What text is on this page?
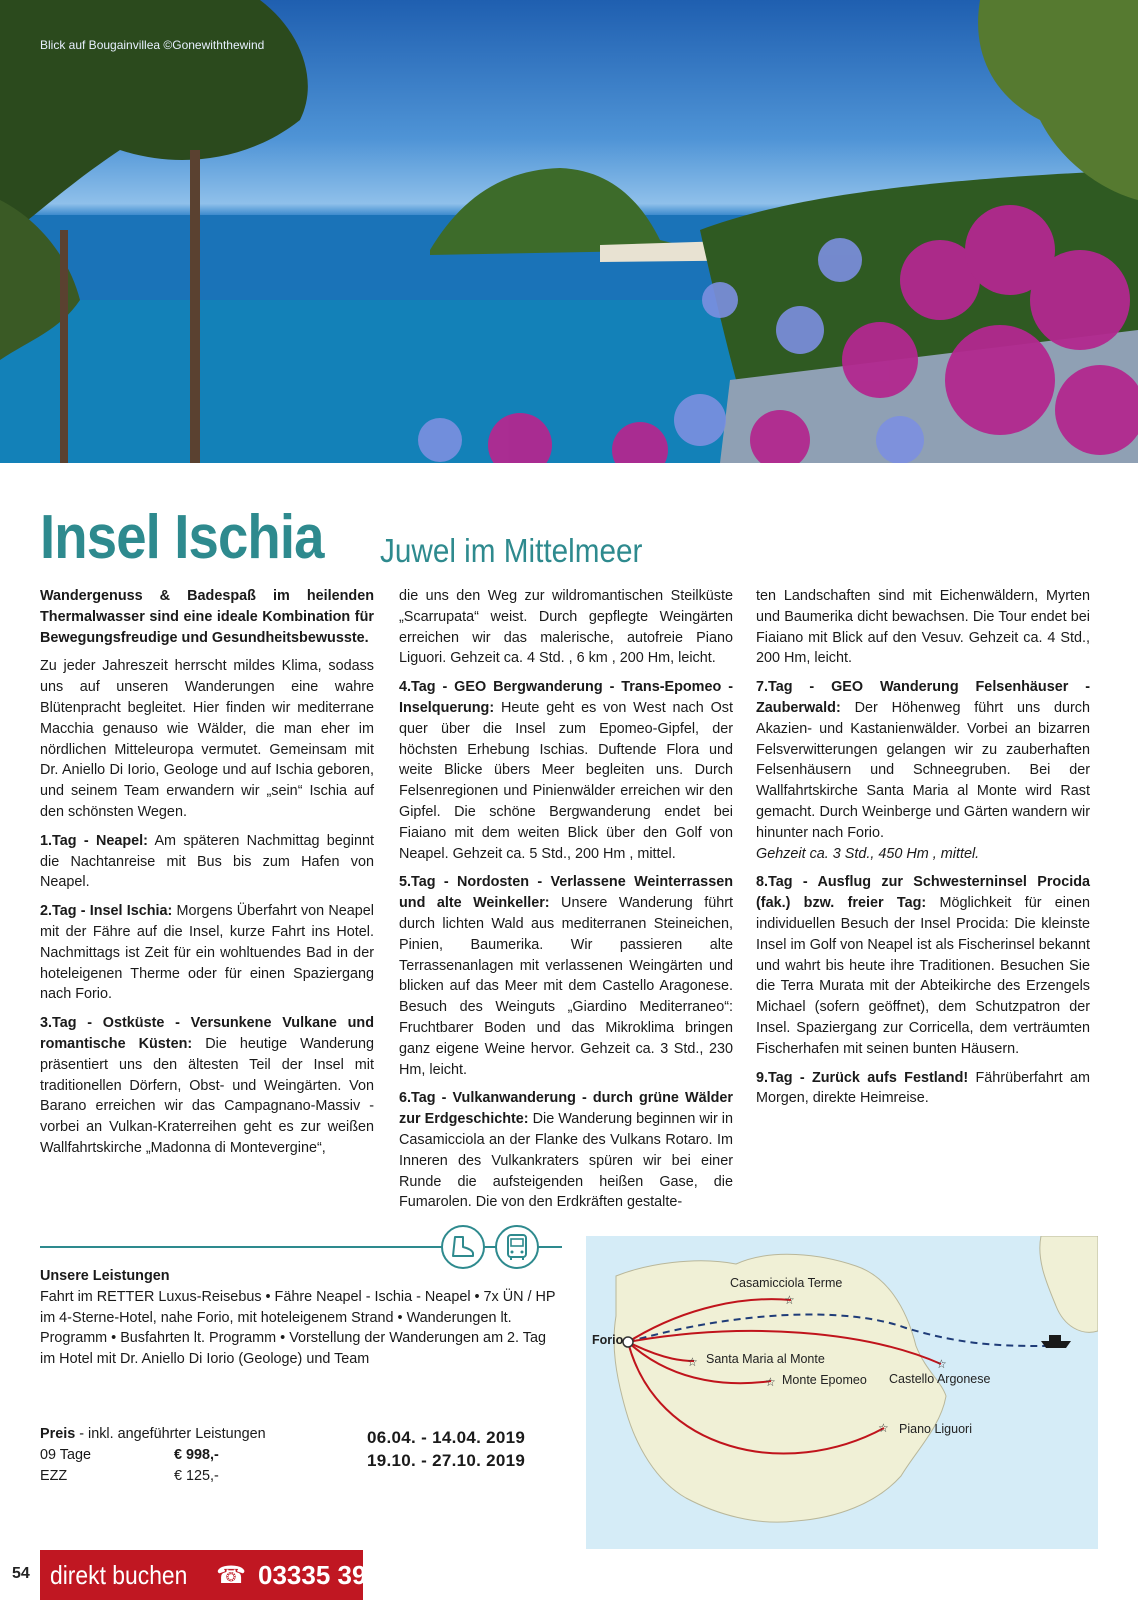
Blick auf Bougainvillea ©Gonewiththewind
Insel Ischia Juwel im Mittelmeer

Wandergenuss & Badespaß im heilenden Thermalwasser sind eine ideale Kombination für Bewegungsfreudige und Gesundheitsbewusste.

Zu jeder Jahreszeit herrscht mildes Klima, sodass uns auf unseren Wanderungen eine wahre Blütenpracht begleitet. Hier finden wir mediterrane Macchia genauso wie Wälder, die man eher im nördlichen Mitteleuropa vermutet. Gemeinsam mit Dr. Aniello Di Iorio, Geologe und auf Ischia geboren, und seinem Team erwandern wir „sein“ Ischia auf den schönsten Wegen.

1.Tag - Neapel: Am späteren Nachmittag beginnt die Nachtanreise mit Bus bis zum Hafen von Neapel.

2.Tag - Insel Ischia: Morgens Überfahrt von Neapel mit der Fähre auf die Insel, kurze Fahrt ins Hotel. Nachmittags ist Zeit für ein wohltuendes Bad in der hoteleigenen Therme oder für einen Spaziergang nach Forio.

3.Tag - Ostküste - Versunkene Vulkane und romantische Küsten: Die heutige Wanderung präsentiert uns den ältesten Teil der Insel mit traditionellen Dörfern, Obst- und Weingärten. Von Barano erreichen wir das Campagnano-Massiv - vorbei an Vulkan-Kraterreihen geht es zur weißen Wallfahrtskirche „Madonna di Montevergine“,

die uns den Weg zur wildromantischen Steilküste „Scarrupata“ weist. Durch gepflegte Weingärten erreichen wir das malerische, autofreie Piano Liguori. Gehzeit ca. 4 Std. , 6 km , 200 Hm, leicht.

4.Tag - GEO Bergwanderung - Trans-Epomeo - Inselquerung: Heute geht es von West nach Ost quer über die Insel zum Epomeo-Gipfel, der höchsten Erhebung Ischias. Duftende Flora und weite Blicke übers Meer begleiten uns. Durch Felsenregionen und Pinienwälder erreichen wir den Gipfel. Die schöne Bergwanderung endet bei Fiaiano mit dem weiten Blick über den Golf von Neapel. Gehzeit ca. 5 Std., 200 Hm , mittel.

5.Tag - Nordosten - Verlassene Weinterrassen und alte Weinkeller: Unsere Wanderung führt durch lichten Wald aus mediterranen Steineichen, Pinien, Baumerika. Wir passieren alte Terrassenanlagen mit verlassenen Weingärten und blicken auf das Meer mit dem Castello Aragonese. Besuch des Weinguts „Giardino Mediterraneo“: Fruchtbarer Boden und das Mikroklima bringen ganz eigene Weine hervor. Gehzeit ca. 3 Std., 230 Hm, leicht.

6.Tag - Vulkanwanderung - durch grüne Wälder zur Erdgeschichte: Die Wanderung beginnen wir in Casamicciola an der Flanke des Vulkans Rotaro. Im Inneren des Vulkankraters spüren wir bei einer Runde die aufsteigenden heißen Gase, die Fumarolen. Die von den Erdkräften gestalte-

ten Landschaften sind mit Eichenwäldern, Myrten und Baumerika dicht bewachsen. Die Tour endet bei Fiaiano mit Blick auf den Vesuv. Gehzeit ca. 4 Std., 200 Hm, leicht.

7.Tag - GEO Wanderung Felsenhäuser - Zauberwald: Der Höhenweg führt uns durch Akazien- und Kastanienwälder. Vorbei an bizarren Felsverwitterungen gelangen wir zu zauberhaften Felsenhäusern und Schneegruben. Bei der Wallfahrtskirche Santa Maria al Monte wird Rast gemacht. Durch Weinberge und Gärten wandern wir hinunter nach Forio.

Gehzeit ca. 3 Std., 450 Hm , mittel.

8.Tag - Ausflug zur Schwesterninsel Procida (fak.) bzw. freier Tag: Möglichkeit für einen individuellen Besuch der Insel Procida: Die kleinste Insel im Golf von Neapel ist als Fischerinsel bekannt und wahrt bis heute ihre Traditionen. Besuchen Sie die Terra Murata mit der Abteikirche des Erzengels Michael (sofern geöffnet), dem Schutzpatron der Insel. Spaziergang zur Corricella, dem verträumten Fischerhafen mit seinen bunten Häusern.

9.Tag - Zurück aufs Festland! Fährüberfahrt am Morgen, direkte Heimreise.

Unsere Leistungen
Fahrt im RETTER Luxus-Reisebus • Fähre Neapel - Ischia - Neapel • 7x ÜN / HP im 4-Sterne-Hotel, nahe Forio, mit hoteleigenem Strand • Wanderungen lt. Programm • Busfahrten lt. Programm • Vorstellung der Wanderungen am 2. Tag im Hotel mit Dr. Aniello Di Iorio (Geologe) und Team
Preis - inkl. angeführter Leistungen
09 Tage	€ 998,-
EZZ	€ 125,-
06.04. - 14.04. 2019
19.10. - 27.10. 2019
☆
☆
☆
☆
☆
Casamicciola Terme
Forio
Santa Maria al Monte
Castello Argonese
Monte Epomeo
Piano Liguori
54 direkt buchen ☎ 03335 3900
